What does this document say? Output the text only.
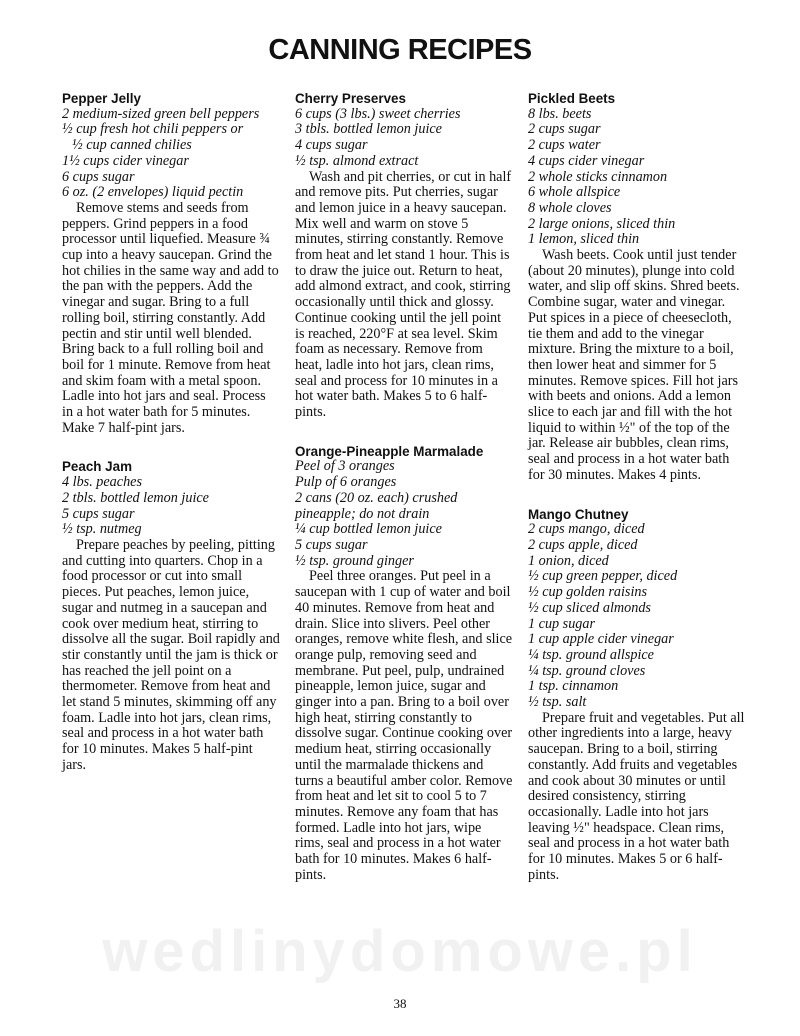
CANNING RECIPES
Pepper Jelly
2 medium-sized green bell peppers
½ cup fresh hot chili peppers or
½ cup canned chilies
1½ cups cider vinegar
6 cups sugar
6 oz. (2 envelopes) liquid pectin

Remove stems and seeds from peppers. Grind peppers in a food processor until liquefied. Measure ¾ cup into a heavy saucepan. Grind the hot chilies in the same way and add to the pan with the peppers. Add the vinegar and sugar. Bring to a full rolling boil, stirring constantly. Add pectin and stir until well blended. Bring back to a full rolling boil and boil for 1 minute. Remove from heat and skim foam with a metal spoon. Ladle into hot jars and seal. Process in a hot water bath for 5 minutes. Make 7 half-pint jars.

Peach Jam
4 lbs. peaches
2 tbls. bottled lemon juice
5 cups sugar
½ tsp. nutmeg

Prepare peaches by peeling, pitting and cutting into quarters. Chop in a food processor or cut into small pieces. Put peaches, lemon juice, sugar and nutmeg in a saucepan and cook over medium heat, stirring to dissolve all the sugar. Boil rapidly and stir constantly until the jam is thick or has reached the jell point on a thermometer. Remove from heat and let stand 5 minutes, skimming off any foam. Ladle into hot jars, clean rims, seal and process in a hot water bath for 10 minutes. Makes 5 half-pint jars.

Cherry Preserves
6 cups (3 lbs.) sweet cherries
3 tbls. bottled lemon juice
4 cups sugar
½ tsp. almond extract

Wash and pit cherries, or cut in half and remove pits. Put cherries, sugar and lemon juice in a heavy saucepan. Mix well and warm on stove 5 minutes, stirring constantly. Remove from heat and let stand 1 hour. This is to draw the juice out. Return to heat, add almond extract, and cook, stirring occasionally until thick and glossy. Continue cooking until the jell point is reached, 220°F at sea level. Skim foam as necessary. Remove from heat, ladle into hot jars, clean rims, seal and process for 10 minutes in a hot water bath. Makes 5 to 6 half-pints.

Orange-Pineapple Marmalade
Peel of 3 oranges
Pulp of 6 oranges
2 cans (20 oz. each) crushed pineapple; do not drain
¼ cup bottled lemon juice
5 cups sugar
½ tsp. ground ginger

Peel three oranges. Put peel in a saucepan with 1 cup of water and boil 40 minutes. Remove from heat and drain. Slice into slivers. Peel other oranges, remove white flesh, and slice orange pulp, removing seed and membrane. Put peel, pulp, undrained pineapple, lemon juice, sugar and ginger into a pan. Bring to a boil over high heat, stirring constantly to dissolve sugar. Continue cooking over medium heat, stirring occasionally until the marmalade thickens and turns a beautiful amber color. Remove from heat and let sit to cool 5 to 7 minutes. Remove any foam that has formed. Ladle into hot jars, wipe rims, seal and process in a hot water bath for 10 minutes. Makes 6 half-pints.

Pickled Beets
8 lbs. beets
2 cups sugar
2 cups water
4 cups cider vinegar
2 whole sticks cinnamon
6 whole allspice
8 whole cloves
2 large onions, sliced thin
1 lemon, sliced thin

Wash beets. Cook until just tender (about 20 minutes), plunge into cold water, and slip off skins. Shred beets. Combine sugar, water and vinegar. Put spices in a piece of cheesecloth, tie them and add to the vinegar mixture. Bring the mixture to a boil, then lower heat and simmer for 5 minutes. Remove spices. Fill hot jars with beets and onions. Add a lemon slice to each jar and fill with the hot liquid to within ½" of the top of the jar. Release air bubbles, clean rims, seal and process in a hot water bath for 30 minutes. Makes 4 pints.

Mango Chutney
2 cups mango, diced
2 cups apple, diced
1 onion, diced
½ cup green pepper, diced
½ cup golden raisins
½ cup sliced almonds
1 cup sugar
1 cup apple cider vinegar
¼ tsp. ground allspice
¼ tsp. ground cloves
1 tsp. cinnamon
½ tsp. salt

Prepare fruit and vegetables. Put all other ingredients into a large, heavy saucepan. Bring to a boil, stirring constantly. Add fruits and vegetables and cook about 30 minutes or until desired consistency, stirring occasionally. Ladle into hot jars leaving ½" headspace. Clean rims, seal and process in a hot water bath for 10 minutes. Makes 5 or 6 half-pints.

wedlinydomowe.pl
38
